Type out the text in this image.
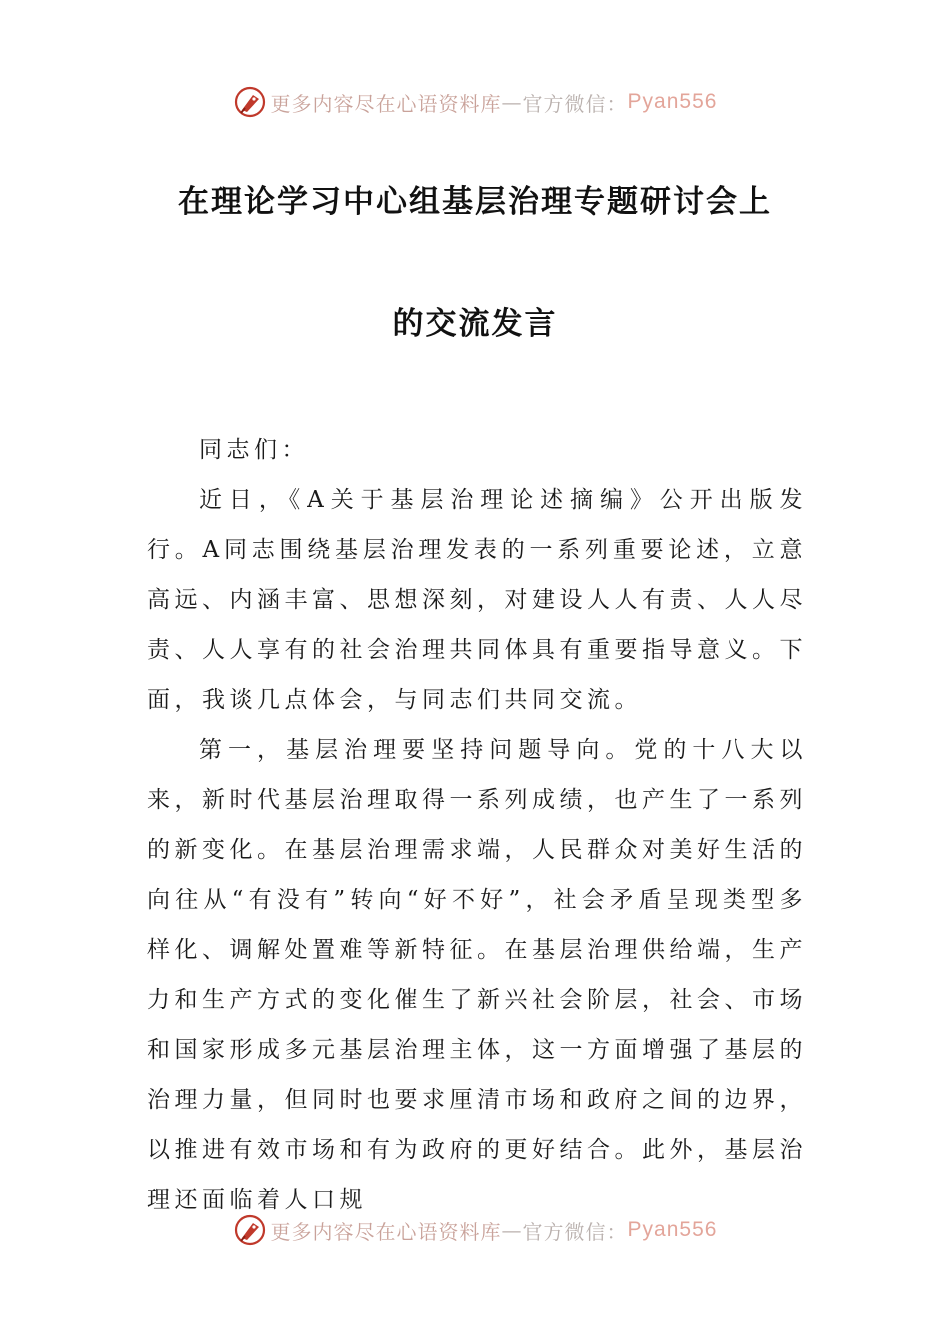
更多内容尽在心语资料库 — 官方微信： Pyan556
在理论学习中心组基层治理专题研讨会上
的交流发言

同志们：

近日，《A关于基层治理论述摘编》公开出版发行。A同志围绕基层治理发表的一系列重要论述，立意高远、内涵丰富、思想深刻，对建设人人有责、人人尽责、人人享有的社会治理共同体具有重要指导意义。下面，我谈几点体会，与同志们共同交流。

第一，基层治理要坚持问题导向。党的十八大以来，新时代基层治理取得一系列成绩，也产生了一系列的新变化。在基层治理需求端，人民群众对美好生活的向往从“有没有”转向“好不好”，社会矛盾呈现类型多样化、调解处置难等新特征。在基层治理供给端，生产力和生产方式的变化催生了新兴社会阶层，社会、市场和国家形成多元基层治理主体，这一方面增强了基层的治理力量，但同时也要求厘清市场和政府之间的边界，以推进有效市场和有为政府的更好结合。此外，基层治理还面临着人口规

更多内容尽在心语资料库 — 官方微信： Pyan556
